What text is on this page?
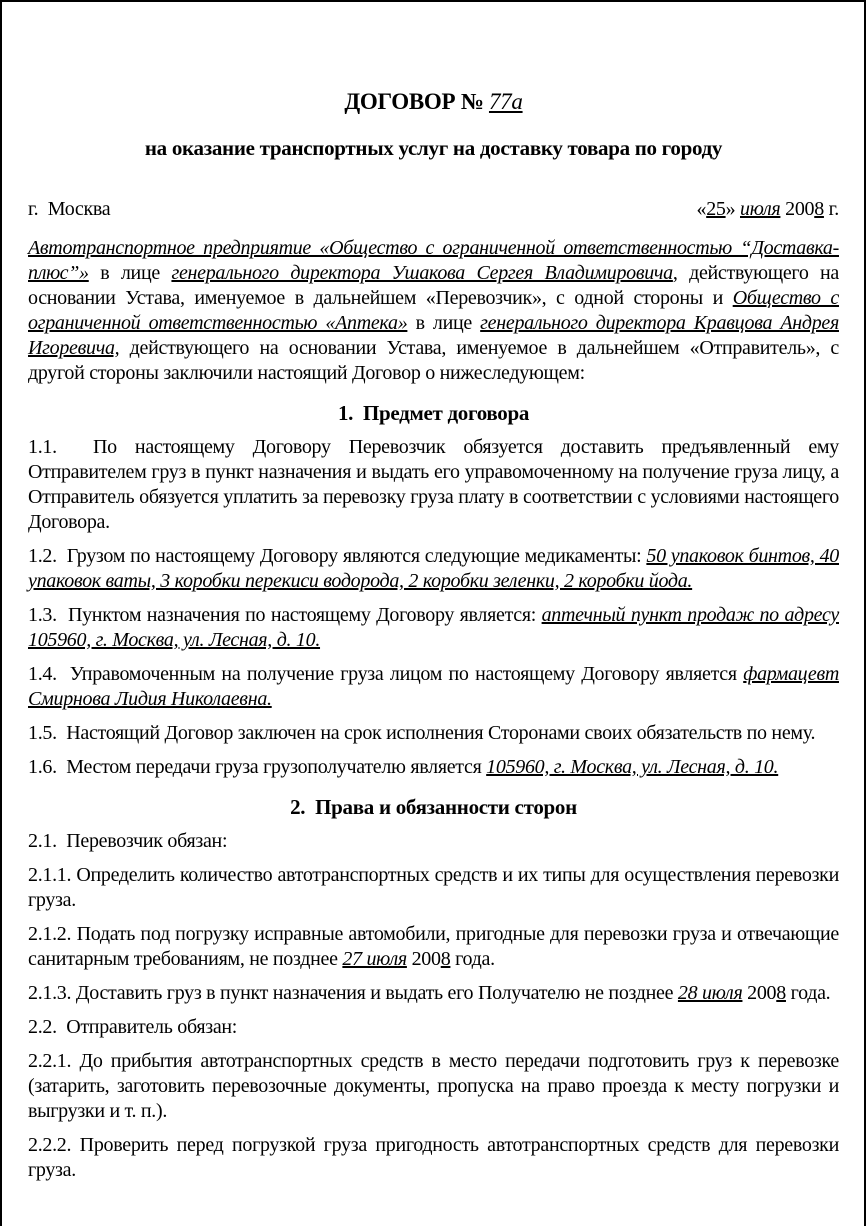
ДОГОВОР № 77а
на оказание транспортных услуг на доставку товара по городу
г.  Москва	«25» июля 2008 г.

Автотранспортное предприятие «Общество с ограниченной ответственностью “Доставка-плюс”» в лице генерального директора Ушакова Сергея Владимировича, действующего на основании Устава, именуемое в дальнейшем «Перевозчик», с одной стороны и Общество с ограниченной ответственностью «Аптека» в лице генерального директора Кравцова Андрея Игоревича, действующего на основании Устава, именуемое в дальнейшем «Отправитель», с другой стороны заключили настоящий Договор о нижеследующем:

1.  Предмет договора

1.1.  По настоящему Договору Перевозчик обязуется доставить предъявленный ему Отправителем груз в пункт назначения и выдать его управомоченному на получение груза лицу, а Отправитель обязуется уплатить за перевозку груза плату в соответствии с условиями настоящего Договора.

1.2.  Грузом по настоящему Договору являются следующие медикаменты: 50 упаковок бинтов, 40 упаковок ваты, 3 коробки перекиси водорода, 2 коробки зеленки, 2 коробки йода.

1.3.  Пунктом назначения по настоящему Договору является: аптечный пункт продаж по адресу 105960, г. Москва, ул. Лесная, д. 10.

1.4.  Управомоченным на получение груза лицом по настоящему Договору является фармацевт Смирнова Лидия Николаевна.

1.5.  Настоящий Договор заключен на срок исполнения Сторонами своих обязательств по нему.

1.6.  Местом передачи груза грузополучателю является 105960, г. Москва, ул. Лесная, д. 10.

2.  Права и обязанности сторон

2.1.  Перевозчик обязан:

2.1.1. Определить количество автотранспортных средств и их типы для осуществления перевозки груза.

2.1.2. Подать под погрузку исправные автомобили, пригодные для перевозки груза и отвечающие санитарным требованиям, не позднее 27 июля 2008 года.

2.1.3. Доставить груз в пункт назначения и выдать его Получателю не позднее 28 июля 2008 года.

2.2.  Отправитель обязан:

2.2.1. До прибытия автотранспортных средств в место передачи подготовить груз к перевозке (затарить, заготовить перевозочные документы, пропуска на право проезда к месту погрузки и выгрузки и т. п.).

2.2.2. Проверить перед погрузкой груза пригодность автотранспортных средств для перевозки груза.
